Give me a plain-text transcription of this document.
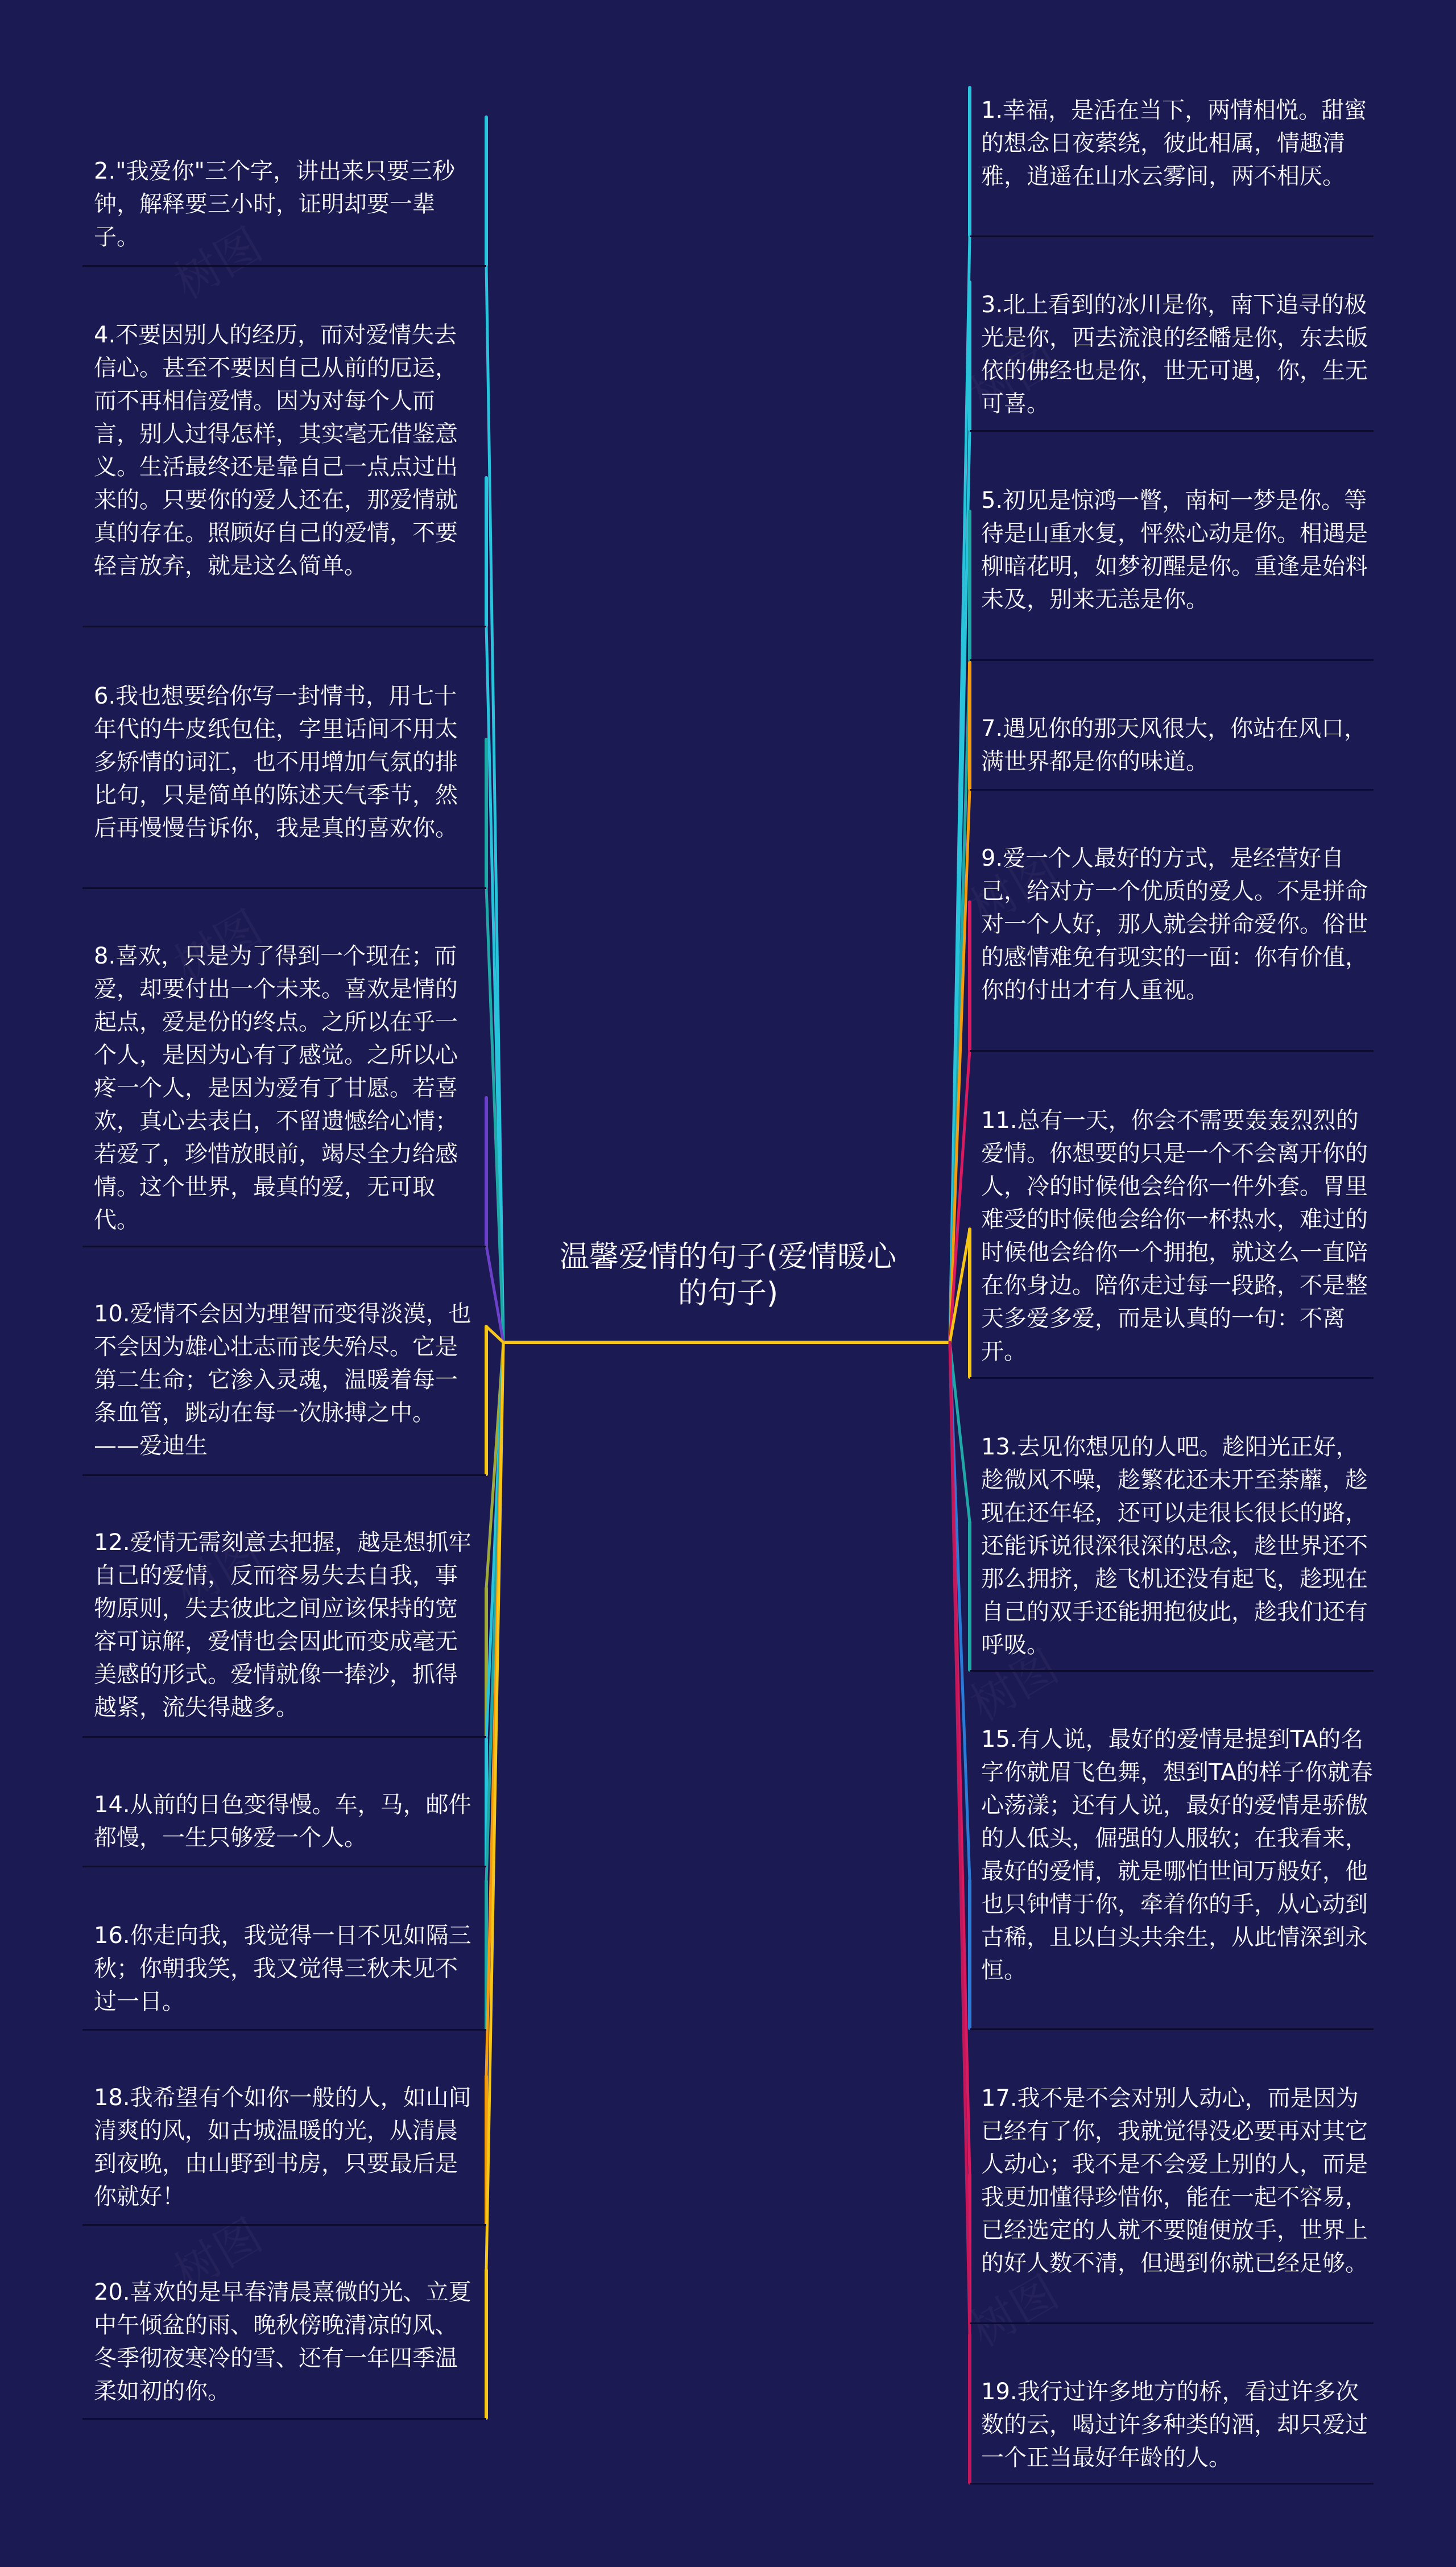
温馨爱情的句子(爱情暖心
的句子)
2."我爱你"三个字，讲出来只要三秒钟，解释要三小时，证明却要一辈子。
4.不要因别人的经历，而对爱情失去信心。甚至不要因自己从前的厄运，而不再相信爱情。因为对每个人而言，别人过得怎样，其实毫无借鉴意义。生活最终还是靠自己一点点过出来的。只要你的爱人还在，那爱情就真的存在。照顾好自己的爱情，不要轻言放弃，就是这么简单。
6.我也想要给你写一封情书，用七十年代的牛皮纸包住，字里话间不用太多矫情的词汇，也不用增加气氛的排比句，只是简单的陈述天气季节，然后再慢慢告诉你，我是真的喜欢你。
8.喜欢，只是为了得到一个现在；而爱，却要付出一个未来。喜欢是情的起点，爱是份的终点。之所以在乎一个人，是因为心有了感觉。之所以心疼一个人，是因为爱有了甘愿。若喜欢，真心去表白，不留遗憾给心情；若爱了，珍惜放眼前，竭尽全力给感情。这个世界，最真的爱，无可取代。
10.爱情不会因为理智而变得淡漠，也不会因为雄心壮志而丧失殆尽。它是第二生命；它渗入灵魂，温暖着每一条血管，跳动在每一次脉搏之中。——爱迪生
12.爱情无需刻意去把握，越是想抓牢自己的爱情，反而容易失去自我，事物原则，失去彼此之间应该保持的宽容可谅解，爱情也会因此而变成毫无美感的形式。爱情就像一捧沙，抓得越紧，流失得越多。
14.从前的日色变得慢。车，马，邮件都慢，一生只够爱一个人。
16.你走向我，我觉得一日不见如隔三秋；你朝我笑，我又觉得三秋未见不过一日。
18.我希望有个如你一般的人，如山间清爽的风，如古城温暖的光，从清晨到夜晚，由山野到书房，只要最后是你就好！
20.喜欢的是早春清晨熹微的光、立夏中午倾盆的雨、晚秋傍晚清凉的风、冬季彻夜寒冷的雪、还有一年四季温柔如初的你。
1.幸福，是活在当下，两情相悦。甜蜜的想念日夜萦绕，彼此相属，情趣清雅，逍遥在山水云雾间，两不相厌。
3.北上看到的冰川是你，南下追寻的极光是你，西去流浪的经幡是你，东去皈依的佛经也是你，世无可遇，你，生无可喜。
5.初见是惊鸿一瞥，南柯一梦是你。等待是山重水复，怦然心动是你。相遇是柳暗花明，如梦初醒是你。重逢是始料未及，别来无恙是你。
7.遇见你的那天风很大，你站在风口，满世界都是你的味道。
9.爱一个人最好的方式，是经营好自己，给对方一个优质的爱人。不是拼命对一个人好，那人就会拼命爱你。俗世的感情难免有现实的一面：你有价值，你的付出才有人重视。
11.总有一天，你会不需要轰轰烈烈的爱情。你想要的只是一个不会离开你的人，冷的时候他会给你一件外套。胃里难受的时候他会给你一杯热水，难过的时候他会给你一个拥抱，就这么一直陪在你身边。陪你走过每一段路，不是整天多爱多爱，而是认真的一句：不离开。
13.去见你想见的人吧。趁阳光正好，趁微风不噪，趁繁花还未开至荼蘼，趁现在还年轻，还可以走很长很长的路，还能诉说很深很深的思念，趁世界还不那么拥挤，趁飞机还没有起飞，趁现在自己的双手还能拥抱彼此，趁我们还有呼吸。
15.有人说，最好的爱情是提到TA的名字你就眉飞色舞，想到TA的样子你就春心荡漾；还有人说，最好的爱情是骄傲的人低头，倔强的人服软；在我看来，最好的爱情，就是哪怕世间万般好，他也只钟情于你，牵着你的手，从心动到古稀，且以白头共余生，从此情深到永恒。
17.我不是不会对别人动心，而是因为已经有了你，我就觉得没必要再对其它人动心；我不是不会爱上别的人，而是我更加懂得珍惜你，能在一起不容易，已经选定的人就不要随便放手，世界上的好人数不清，但遇到你就已经足够。
19.我行过许多地方的桥，看过许多次数的云，喝过许多种类的酒，却只爱过一个正当最好年龄的人。
